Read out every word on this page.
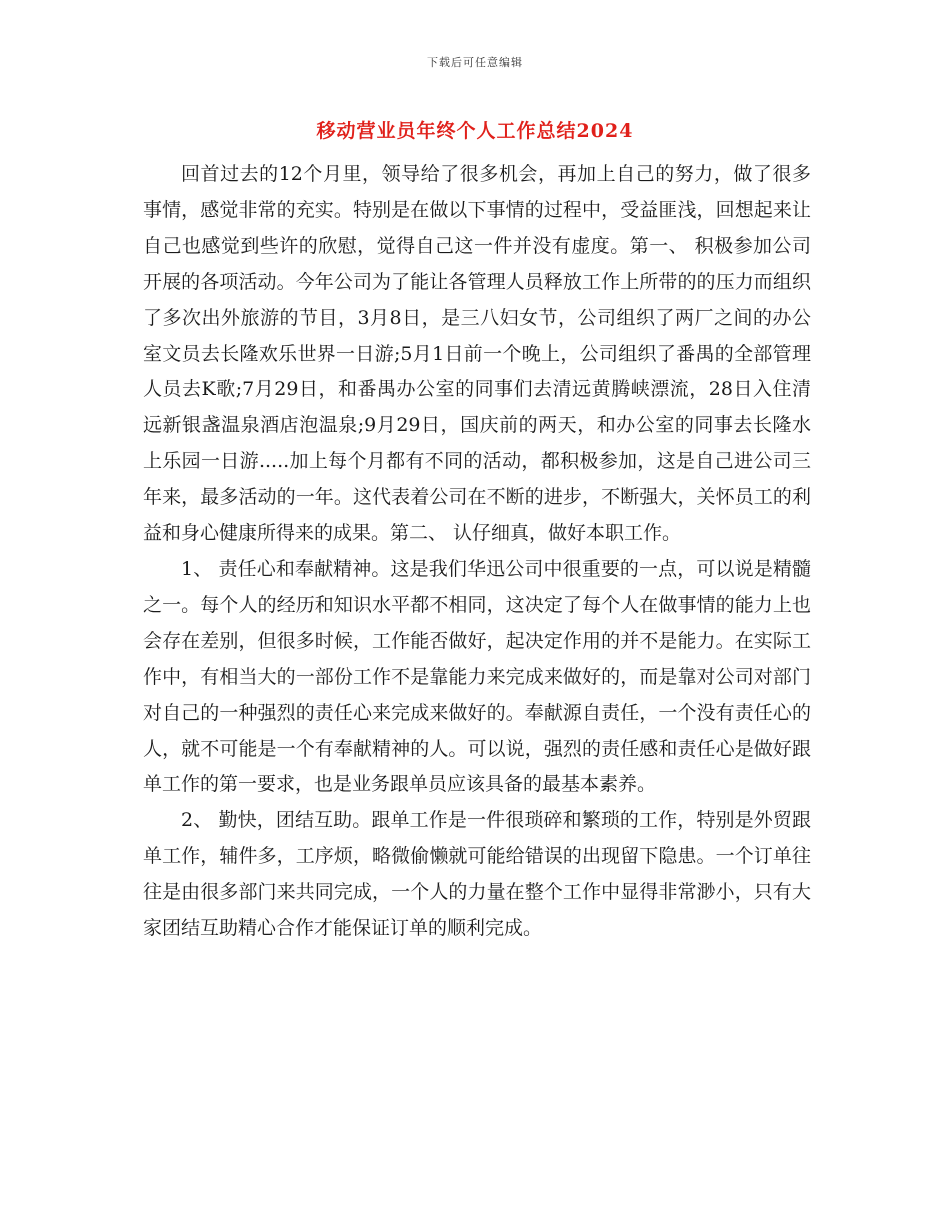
下载后可任意编辑
移动营业员年终个人工作总结2024

回首过去的12个月里，领导给了很多机会，再加上自己的努力，做了很多事情，感觉非常的充实。特别是在做以下事情的过程中，受益匪浅，回想起来让自己也感觉到些许的欣慰，觉得自己这一件并没有虚度。第一、 积极参加公司开展的各项活动。今年公司为了能让各管理人员释放工作上所带的的压力而组织了多次出外旅游的节目，3月8日，是三八妇女节，公司组织了两厂之间的办公室文员去长隆欢乐世界一日游;5月1日前一个晚上，公司组织了番禺的全部管理人员去K歌;7月29日，和番禺办公室的同事们去清远黄腾峡漂流，28日入住清远新银盏温泉酒店泡温泉;9月29日，国庆前的两天，和办公室的同事去长隆水上乐园一日游.....加上每个月都有不同的活动，都积极参加，这是自己进公司三年来，最多活动的一年。这代表着公司在不断的进步，不断强大，关怀员工的利益和身心健康所得来的成果。第二、 认仔细真，做好本职工作。

1、 责任心和奉献精神。这是我们华迅公司中很重要的一点，可以说是精髓之一。每个人的经历和知识水平都不相同，这决定了每个人在做事情的能力上也会存在差别，但很多时候，工作能否做好，起决定作用的并不是能力。在实际工作中，有相当大的一部份工作不是靠能力来完成来做好的，而是靠对公司对部门对自己的一种强烈的责任心来完成来做好的。奉献源自责任，一个没有责任心的人，就不可能是一个有奉献精神的人。可以说，强烈的责任感和责任心是做好跟单工作的第一要求，也是业务跟单员应该具备的最基本素养。

2、 勤快，团结互助。跟单工作是一件很琐碎和繁琐的工作，特别是外贸跟单工作，辅件多，工序烦，略微偷懒就可能给错误的出现留下隐患。一个订单往往是由很多部门来共同完成，一个人的力量在整个工作中显得非常渺小，只有大家团结互助精心合作才能保证订单的顺利完成。
